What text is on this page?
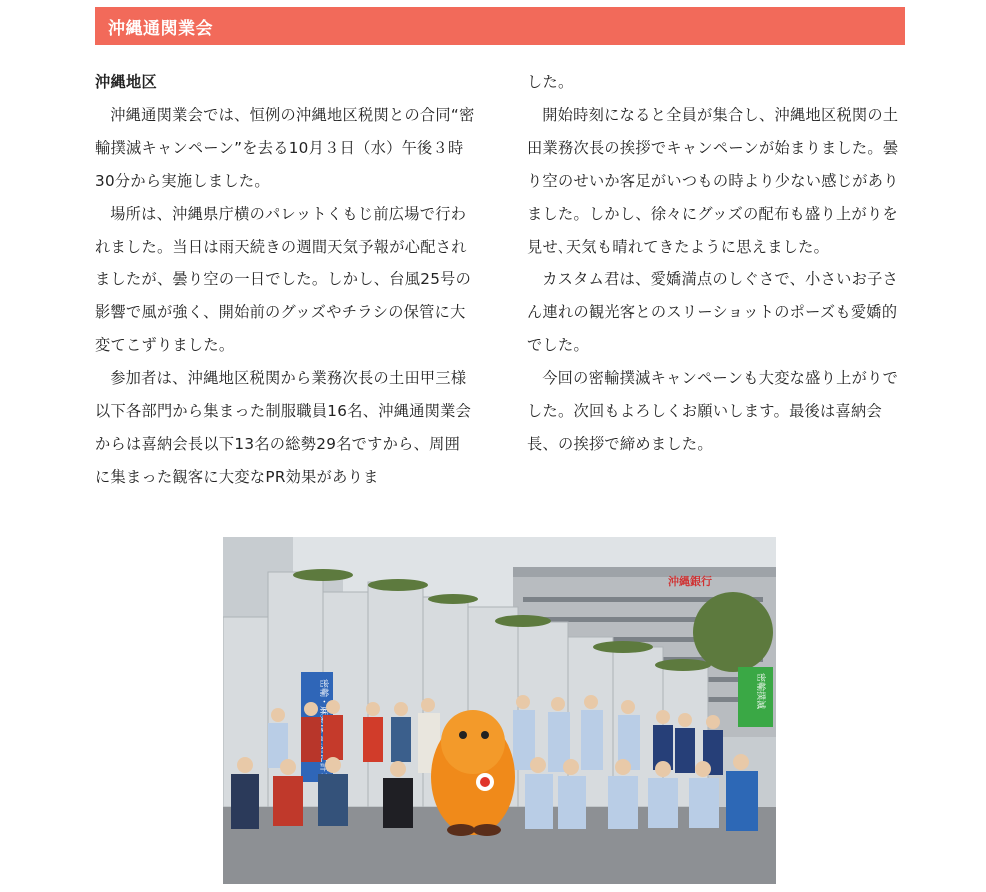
沖縄通関業会

沖縄地区

沖縄通関業会では、恒例の沖縄地区税関との合同“密輸撲滅キャンペーン”を去る10月３日（水）午後３時30分から実施しました。

場所は、沖縄県庁横のパレットくもじ前広場で行われました。当日は雨天続きの週間天気予報が心配されましたが、曇り空の一日でした。しかし、台風25号の影響で風が強く、開始前のグッズやチラシの保管に大変てこずりました。

参加者は、沖縄地区税関から業務次長の土田甲三様以下各部門から集まった制服職員16名、沖縄通関業会からは喜納会長以下13名の総勢29名ですから、周囲に集まった観客に大変なPR効果がありま

した。

開始時刻になると全員が集合し、沖縄地区税関の土田業務次長の挨拶でキャンペーンが始まりました。曇り空のせいか客足がいつもの時より少ない感じがありました。しかし、徐々にグッズの配布も盛り上がりを見せ､天気も晴れてきたように思えました。

カスタム君は、愛嬌満点のしぐさで、小さいお子さん連れの観光客とのスリーショットのポーズも愛嬌的でした。

今回の密輸撲滅キャンペーンも大変な盛り上がりでした。次回もよろしくお願いします。最後は喜納会長、の挨拶で締めました。

沖縄銀行
密輸・麻薬は 絶対に許さない
密輸撲滅
